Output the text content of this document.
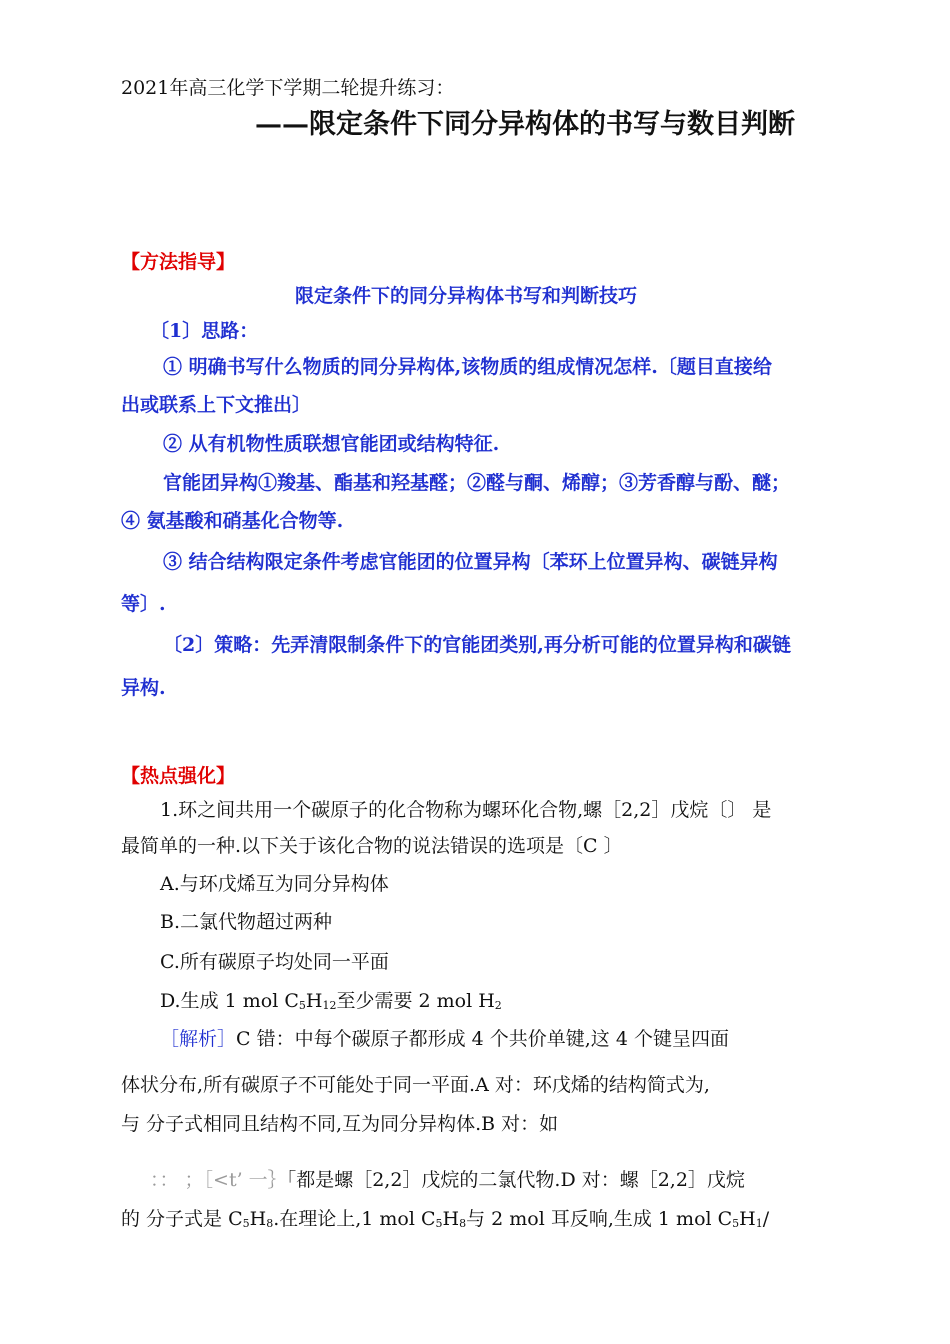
2021年高三化学下学期二轮提升练习：
——限定条件下同分异构体的书写与数目判断
【方法指导】
限定条件下的同分异构体书写和判断技巧
〔1〕思路：
① 明确书写什么物质的同分异构体,该物质的组成情况怎样.〔题目直接给
出或联系上下文推出〕
② 从有机物性质联想官能团或结构特征.
官能团异构①羧基、酯基和羟基醛；②醛与酮、烯醇；③芳香醇与酚、醚；
④ 氨基酸和硝基化合物等.
③ 结合结构限定条件考虑官能团的位置异构〔苯环上位置异构、碳链异构
等〕.
〔2〕策略：先弄清限制条件下的官能团类别,再分析可能的位置异构和碳链
异构.
【热点强化】
1.环之间共用一个碳原子的化合物称为螺环化合物,螺［2,2］戊烷〔〕 是
最简单的一种.以下关于该化合物的说法错误的选项是〔C 〕
A.与环戊烯互为同分异构体
B.二氯代物超过两种
C.所有碳原子均处同一平面
D.生成 1 mol $C_5H_{12}$至少需要 2 mol $H_2$
［解析］C 错：中每个碳原子都形成 4 个共价单键,这 4 个键呈四面
体状分布,所有碳原子不可能处于同一平面.A 对：环戊烯的结构简式为,
与 分子式相同且结构不同,互为同分异构体.B 对：如
：： ；［<t’ 一｝「都是螺［2,2］戊烷的二氯代物.D 对：螺［2,2］戊烷
的 分子式是 $C_5H_8$.在理论上,1 mol $C_5H_8$与 2 mol 耳反响,生成 1 mol $C_5H_1/$
